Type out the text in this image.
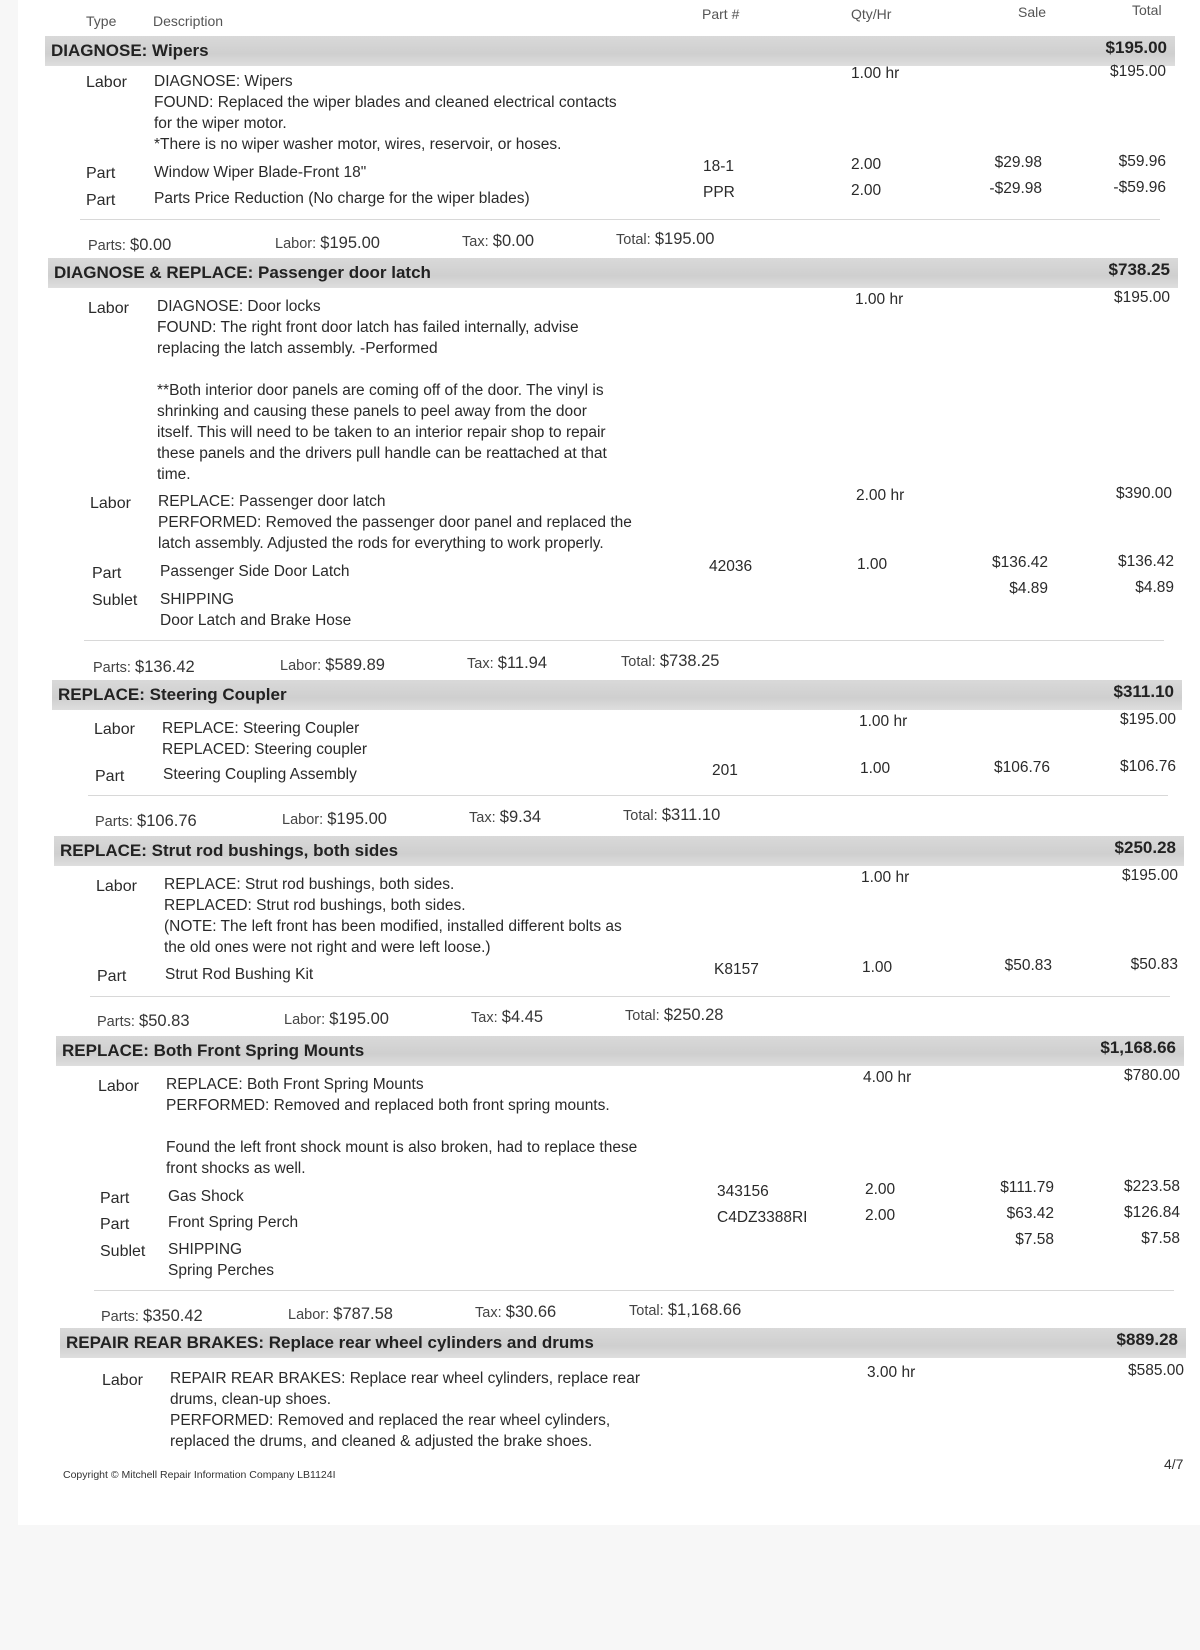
Type	Description	Part #	Qty/Hr	Sale	Total
DIAGNOSE: Wipers	$195.00
Labor DIAGNOSE: Wipers
FOUND: Replaced the wiper blades and cleaned electrical contacts
for the wiper motor.
*There is no wiper washer motor, wires, reservoir, or hoses.
1.00 hr	$195.00
Part Window Wiper Blade-Front 18"	18-1	2.00	$29.98	$59.96
Part Parts Price Reduction (No charge for the wiper blades)	PPR	2.00	-$29.98	-$59.96
Parts: $0.00	Labor: $195.00	Tax: $0.00	Total: $195.00
DIAGNOSE & REPLACE: Passenger door latch	$738.25
Labor DIAGNOSE: Door locks
FOUND: The right front door latch has failed internally, advise
replacing the latch assembly. -Performed

**Both interior door panels are coming off of the door. The vinyl is
shrinking and causing these panels to peel away from the door
itself. This will need to be taken to an interior repair shop to repair
these panels and the drivers pull handle can be reattached at that
time.
1.00 hr	$195.00
Labor REPLACE: Passenger door latch
PERFORMED: Removed the passenger door panel and replaced the
latch assembly. Adjusted the rods for everything to work properly.
2.00 hr	$390.00
Part Passenger Side Door Latch	42036	1.00	$136.42	$136.42
Sublet SHIPPING
Door Latch and Brake Hose
$4.89	$4.89
Parts: $136.42	Labor: $589.89	Tax: $11.94	Total: $738.25
REPLACE: Steering Coupler	$311.10
Labor REPLACE: Steering Coupler
REPLACED: Steering coupler
1.00 hr	$195.00
Part Steering Coupling Assembly	201	1.00	$106.76	$106.76
Parts: $106.76	Labor: $195.00	Tax: $9.34	Total: $311.10
REPLACE: Strut rod bushings, both sides	$250.28
Labor REPLACE: Strut rod bushings, both sides.
REPLACED: Strut rod bushings, both sides.
(NOTE: The left front has been modified, installed different bolts as
the old ones were not right and were left loose.)
1.00 hr	$195.00
Part Strut Rod Bushing Kit	K8157	1.00	$50.83	$50.83
Parts: $50.83	Labor: $195.00	Tax: $4.45	Total: $250.28
REPLACE: Both Front Spring Mounts	$1,168.66
Labor REPLACE: Both Front Spring Mounts
PERFORMED: Removed and replaced both front spring mounts.

Found the left front shock mount is also broken, had to replace these
front shocks as well.
4.00 hr	$780.00
Part Gas Shock	343156	2.00	$111.79	$223.58
Part Front Spring Perch	C4DZ3388RI	2.00	$63.42	$126.84
Sublet SHIPPING
Spring Perches
$7.58	$7.58
Parts: $350.42	Labor: $787.58	Tax: $30.66	Total: $1,168.66
REPAIR REAR BRAKES: Replace rear wheel cylinders and drums	$889.28
Labor REPAIR REAR BRAKES: Replace rear wheel cylinders, replace rear
drums, clean-up shoes.
PERFORMED: Removed and replaced the rear wheel cylinders,
replaced the drums, and cleaned & adjusted the brake shoes.
3.00 hr	$585.00
Copyright © Mitchell Repair Information Company LB1124I
4/7
